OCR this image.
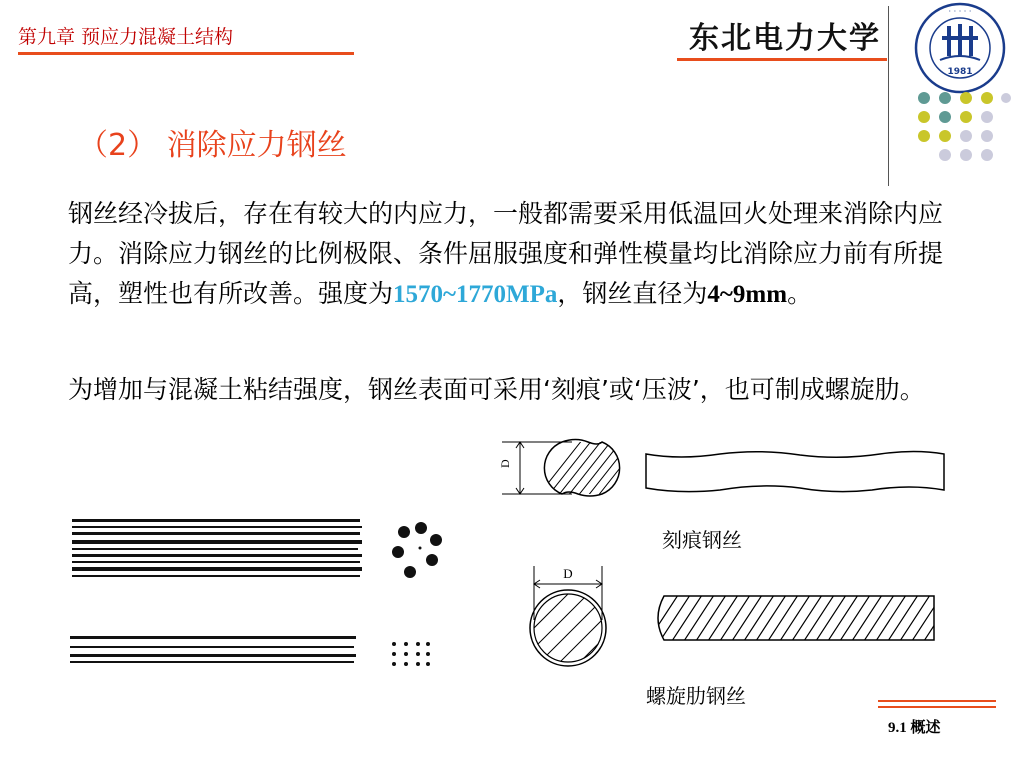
第九章 预应力混凝土结构	东北电力大学
· · · · ·
1981
（2） 消除应力钢丝
钢丝经冷拔后，存在有较大的内应力，一般都需要采用低温回火处理来消除内应力。消除应力钢丝的比例极限、条件屈服强度和弹性模量均比消除应力前有所提高，塑性也有所改善。强度为1570~1770MPa，钢丝直径为4~9mm。
为增加与混凝土粘结强度，钢丝表面可采用‘刻痕’或‘压波’，也可制成螺旋肋。
D
刻痕钢丝
D
螺旋肋钢丝
9.1 概述
